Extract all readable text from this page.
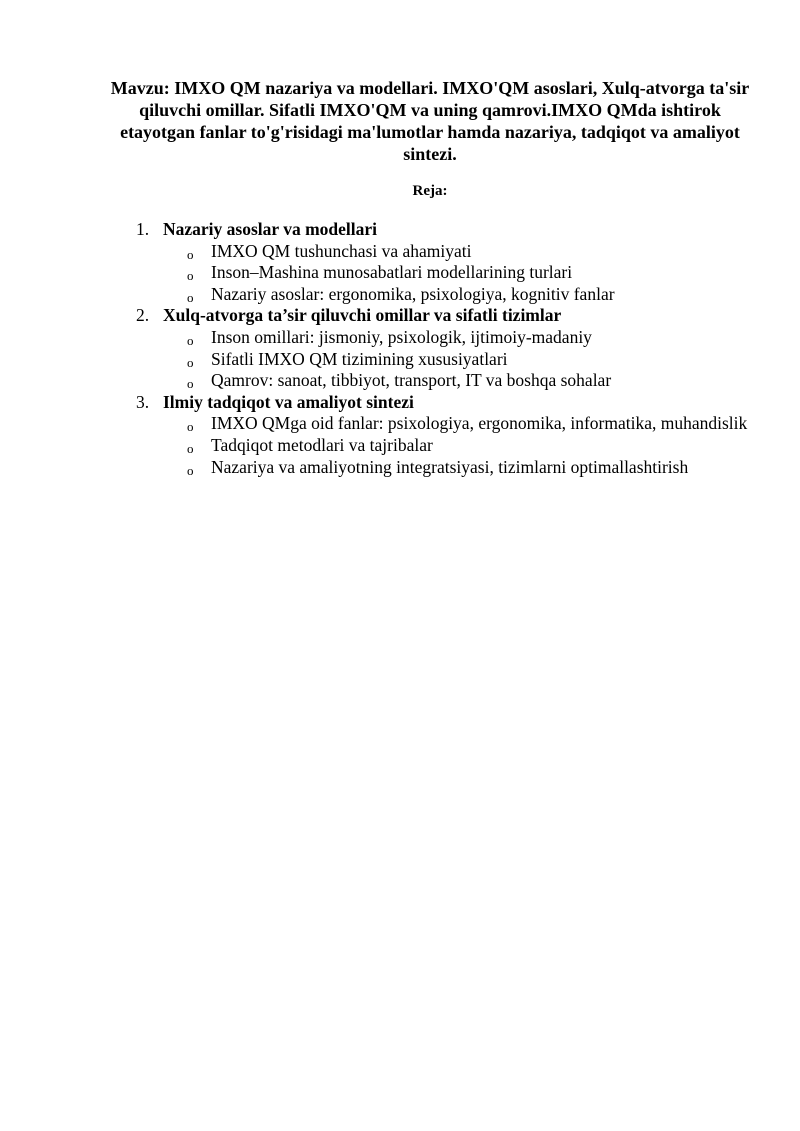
Mavzu: IMXO QM nazariya va modellari. IMXO'QM asoslari, Xulq-atvorga ta'sir qiluvchi omillar. Sifatli IMXO'QM va uning qamrovi.IMXO QMda ishtirok etayotgan fanlar to'g'risidagi ma'lumotlar hamda nazariya, tadqiqot va amaliyot sintezi.

Reja:

1. Nazariy asoslar va modellari
o IMXO QM tushunchasi va ahamiyati
o Inson–Mashina munosabatlari modellarining turlari
o Nazariy asoslar: ergonomika, psixologiya, kognitiv fanlar
2. Xulq-atvorga ta’sir qiluvchi omillar va sifatli tizimlar
o Inson omillari: jismoniy, psixologik, ijtimoiy-madaniy
o Sifatli IMXO QM tizimining xususiyatlari
o Qamrov: sanoat, tibbiyot, transport, IT va boshqa sohalar
3. Ilmiy tadqiqot va amaliyot sintezi
o IMXO QMga oid fanlar: psixologiya, ergonomika, informatika, muhandislik
o Tadqiqot metodlari va tajribalar
o Nazariya va amaliyotning integratsiyasi, tizimlarni optimallashtirish
